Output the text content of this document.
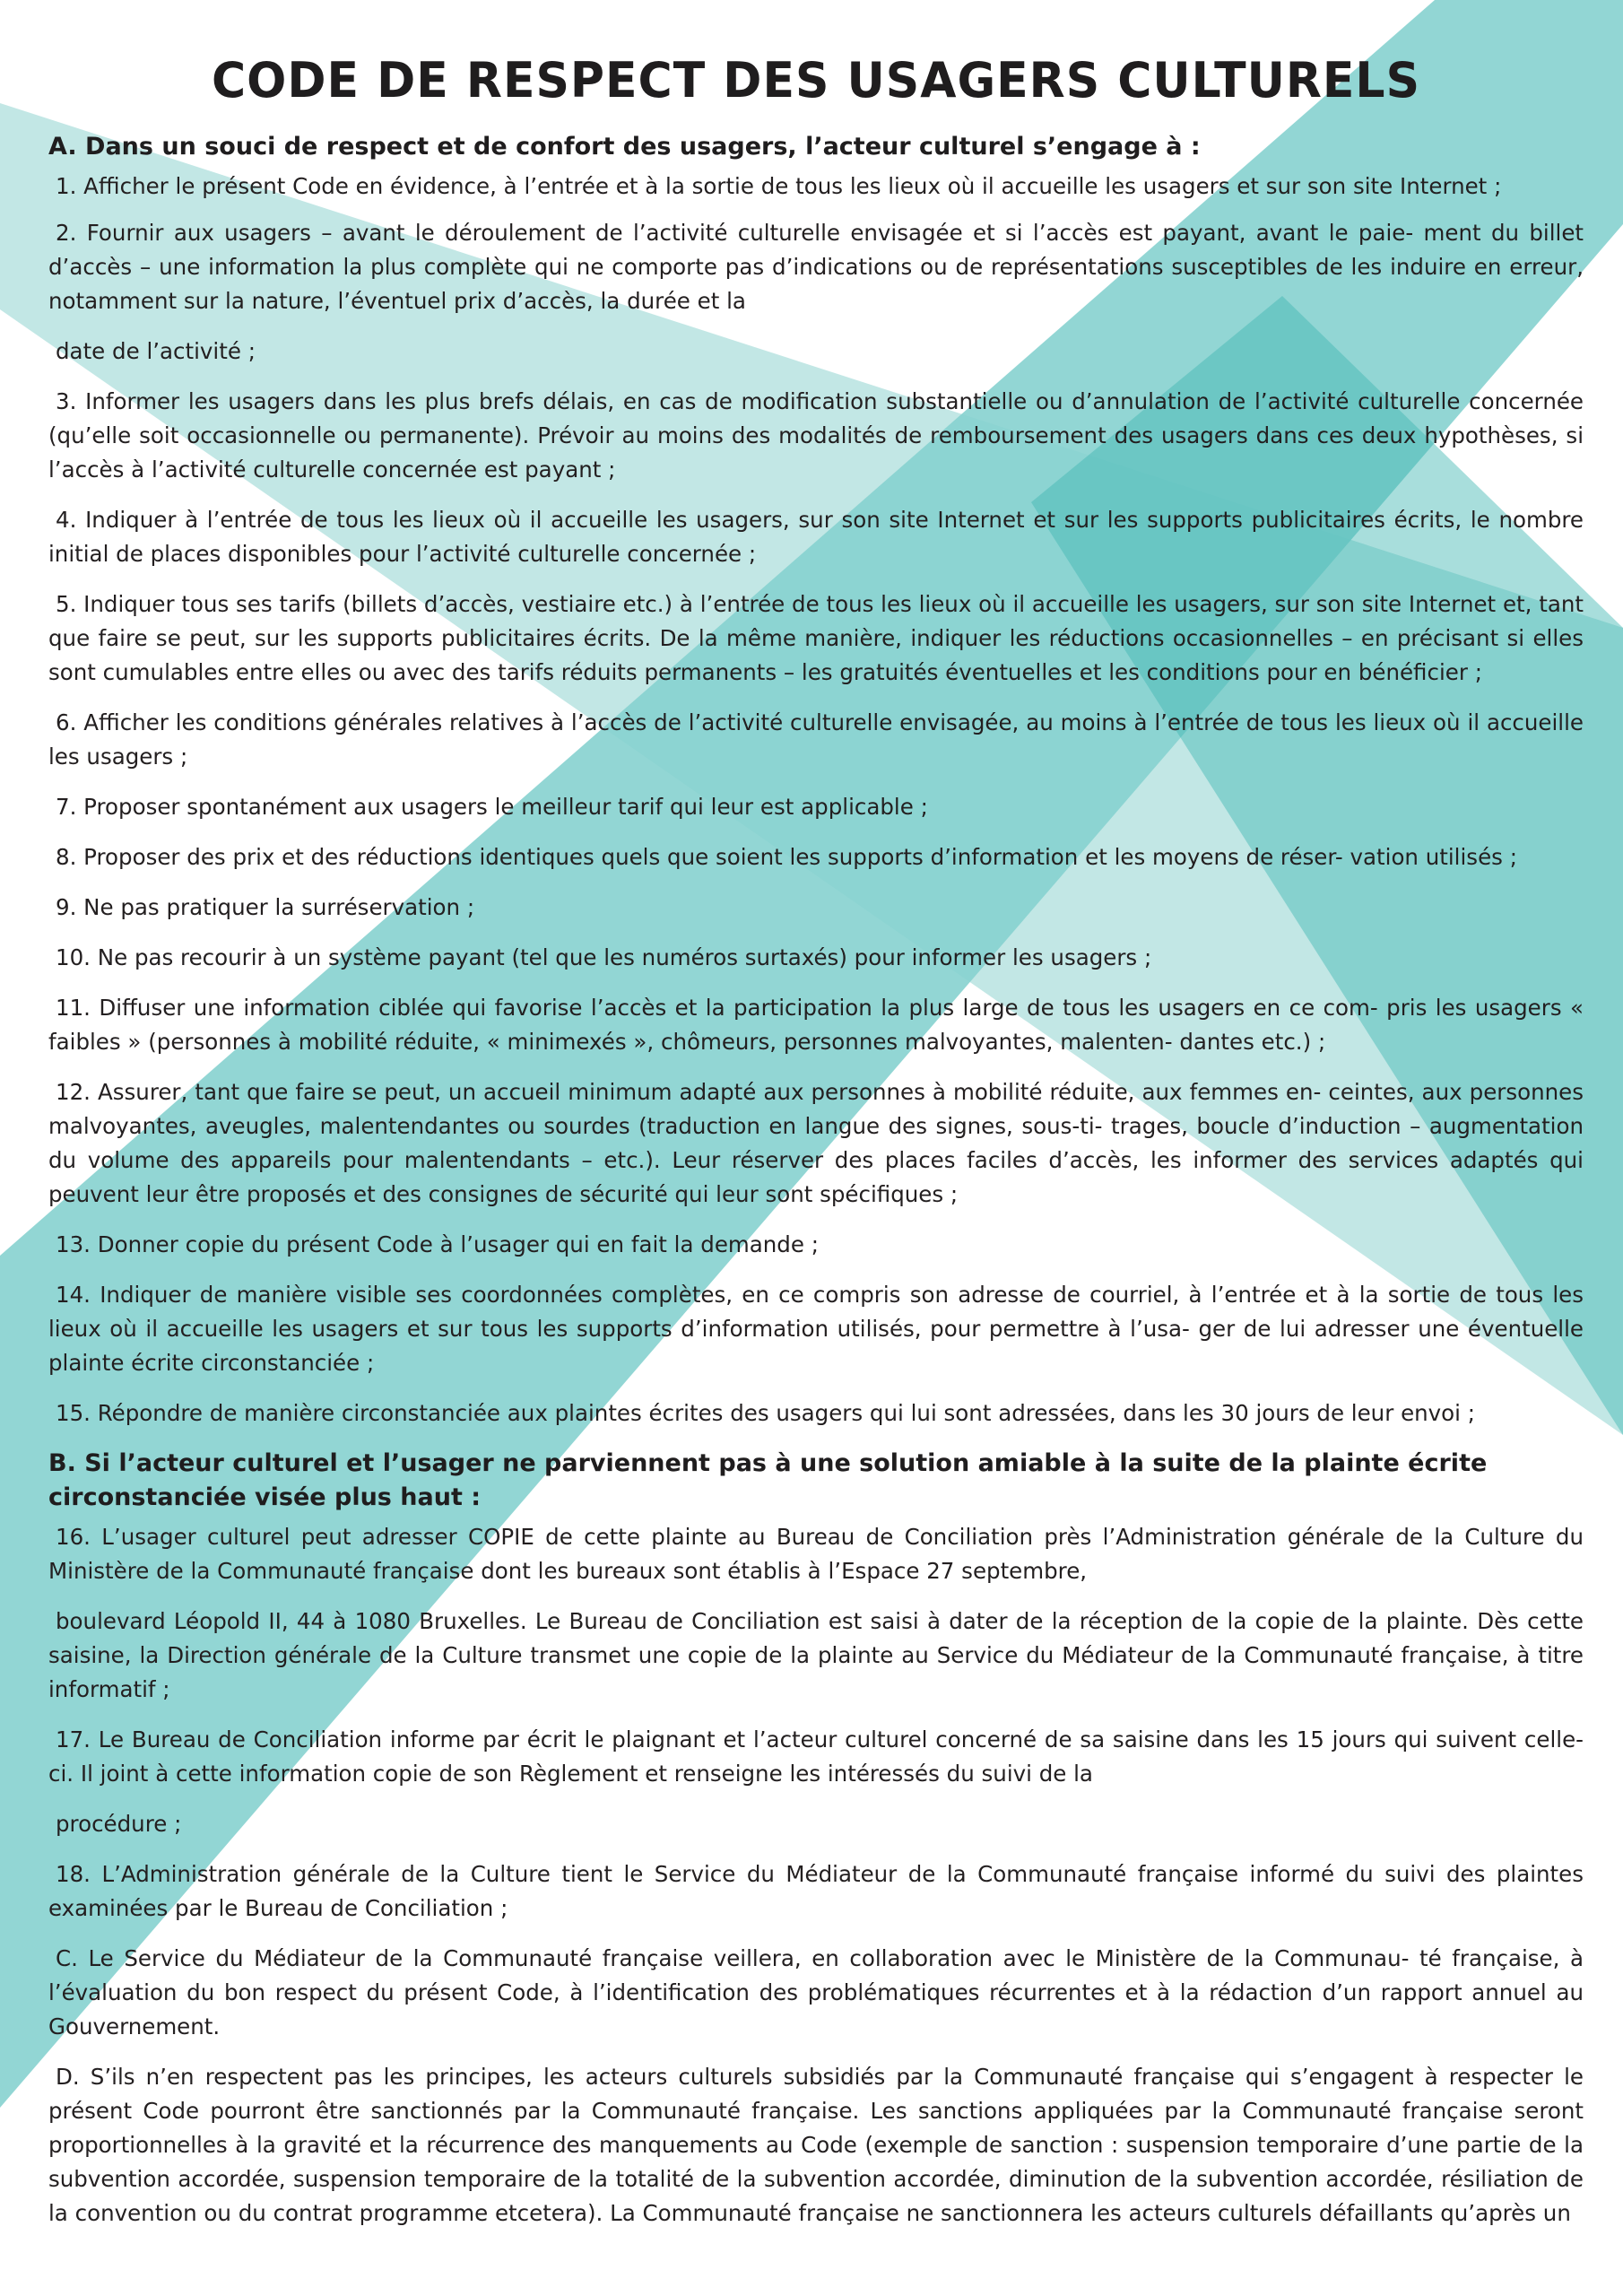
CODE DE RESPECT DES USAGERS CULTURELS
A. Dans un souci de respect et de confort des usagers, l’acteur culturel s’engage à :

1. Afficher le présent Code en évidence, à l’entrée et à la sortie de tous les lieux où il accueille les usagers et sur son site Internet ;

2. Fournir aux usagers – avant le déroulement de l’activité culturelle envisagée et si l’accès est payant, avant le paie- ment du billet d’accès – une information la plus complète qui ne comporte pas d’indications ou de représentations susceptibles de les induire en erreur, notamment sur la nature, l’éventuel prix d’accès, la durée et la

date de l’activité ;

3. Informer les usagers dans les plus brefs délais, en cas de modification substantielle ou d’annulation de l’activité culturelle concernée (qu’elle soit occasionnelle ou permanente). Prévoir au moins des modalités de remboursement des usagers dans ces deux hypothèses, si l’accès à l’activité culturelle concernée est payant ;

4. Indiquer à l’entrée de tous les lieux où il accueille les usagers, sur son site Internet et sur les supports publicitaires écrits, le nombre initial de places disponibles pour l’activité culturelle concernée ;

5. Indiquer tous ses tarifs (billets d’accès, vestiaire etc.) à l’entrée de tous les lieux où il accueille les usagers, sur son site Internet et, tant que faire se peut, sur les supports publicitaires écrits. De la même manière, indiquer les réductions occasionnelles – en précisant si elles sont cumulables entre elles ou avec des tarifs réduits permanents – les gratuités éventuelles et les conditions pour en bénéficier ;

6. Afficher les conditions générales relatives à l’accès de l’activité culturelle envisagée, au moins à l’entrée de tous les lieux où il accueille les usagers ;

7. Proposer spontanément aux usagers le meilleur tarif qui leur est applicable ;

8. Proposer des prix et des réductions identiques quels que soient les supports d’information et les moyens de réser- vation utilisés ;

9. Ne pas pratiquer la surréservation ;

10. Ne pas recourir à un système payant (tel que les numéros surtaxés) pour informer les usagers ;

11. Diffuser une information ciblée qui favorise l’accès et la participation la plus large de tous les usagers en ce com- pris les usagers « faibles » (personnes à mobilité réduite, « minimexés », chômeurs, personnes malvoyantes, malenten- dantes etc.) ;

12. Assurer, tant que faire se peut, un accueil minimum adapté aux personnes à mobilité réduite, aux femmes en- ceintes, aux personnes malvoyantes, aveugles, malentendantes ou sourdes (traduction en langue des signes, sous-ti- trages, boucle d’induction – augmentation du volume des appareils pour malentendants – etc.). Leur réserver des places faciles d’accès, les informer des services adaptés qui peuvent leur être proposés et des consignes de sécurité qui leur sont spécifiques ;

13. Donner copie du présent Code à l’usager qui en fait la demande ;

14. Indiquer de manière visible ses coordonnées complètes, en ce compris son adresse de courriel, à l’entrée et à la sortie de tous les lieux où il accueille les usagers et sur tous les supports d’information utilisés, pour permettre à l’usa- ger de lui adresser une éventuelle plainte écrite circonstanciée ;

15. Répondre de manière circonstanciée aux plaintes écrites des usagers qui lui sont adressées, dans les 30 jours de leur envoi ;

B. Si l’acteur culturel et l’usager ne parviennent pas à une solution amiable à la suite de la plainte écrite circonstanciée visée plus haut :

16. L’usager culturel peut adresser COPIE de cette plainte au Bureau de Conciliation près l’Administration générale de la Culture du Ministère de la Communauté française dont les bureaux sont établis à l’Espace 27 septembre,

boulevard Léopold II, 44 à 1080 Bruxelles. Le Bureau de Conciliation est saisi à dater de la réception de la copie de la plainte. Dès cette saisine, la Direction générale de la Culture transmet une copie de la plainte au Service du Médiateur de la Communauté française, à titre informatif ;

17. Le Bureau de Conciliation informe par écrit le plaignant et l’acteur culturel concerné de sa saisine dans les 15 jours qui suivent celle-ci. Il joint à cette information copie de son Règlement et renseigne les intéressés du suivi de la

procédure ;

18. L’Administration générale de la Culture tient le Service du Médiateur de la Communauté française informé du suivi des plaintes examinées par le Bureau de Conciliation ;

C. Le Service du Médiateur de la Communauté française veillera, en collaboration avec le Ministère de la Communau- té française, à l’évaluation du bon respect du présent Code, à l’identification des problématiques récurrentes et à la rédaction d’un rapport annuel au Gouvernement.

D. S’ils n’en respectent pas les principes, les acteurs culturels subsidiés par la Communauté française qui s’engagent à respecter le présent Code pourront être sanctionnés par la Communauté française. Les sanctions appliquées par la Communauté française seront proportionnelles à la gravité et la récurrence des manquements au Code (exemple de sanction : suspension temporaire d’une partie de la subvention accordée, suspension temporaire de la totalité de la subvention accordée, diminution de la subvention accordée, résiliation de la convention ou du contrat programme etcetera). La Communauté française ne sanctionnera les acteurs culturels défaillants qu’après un
